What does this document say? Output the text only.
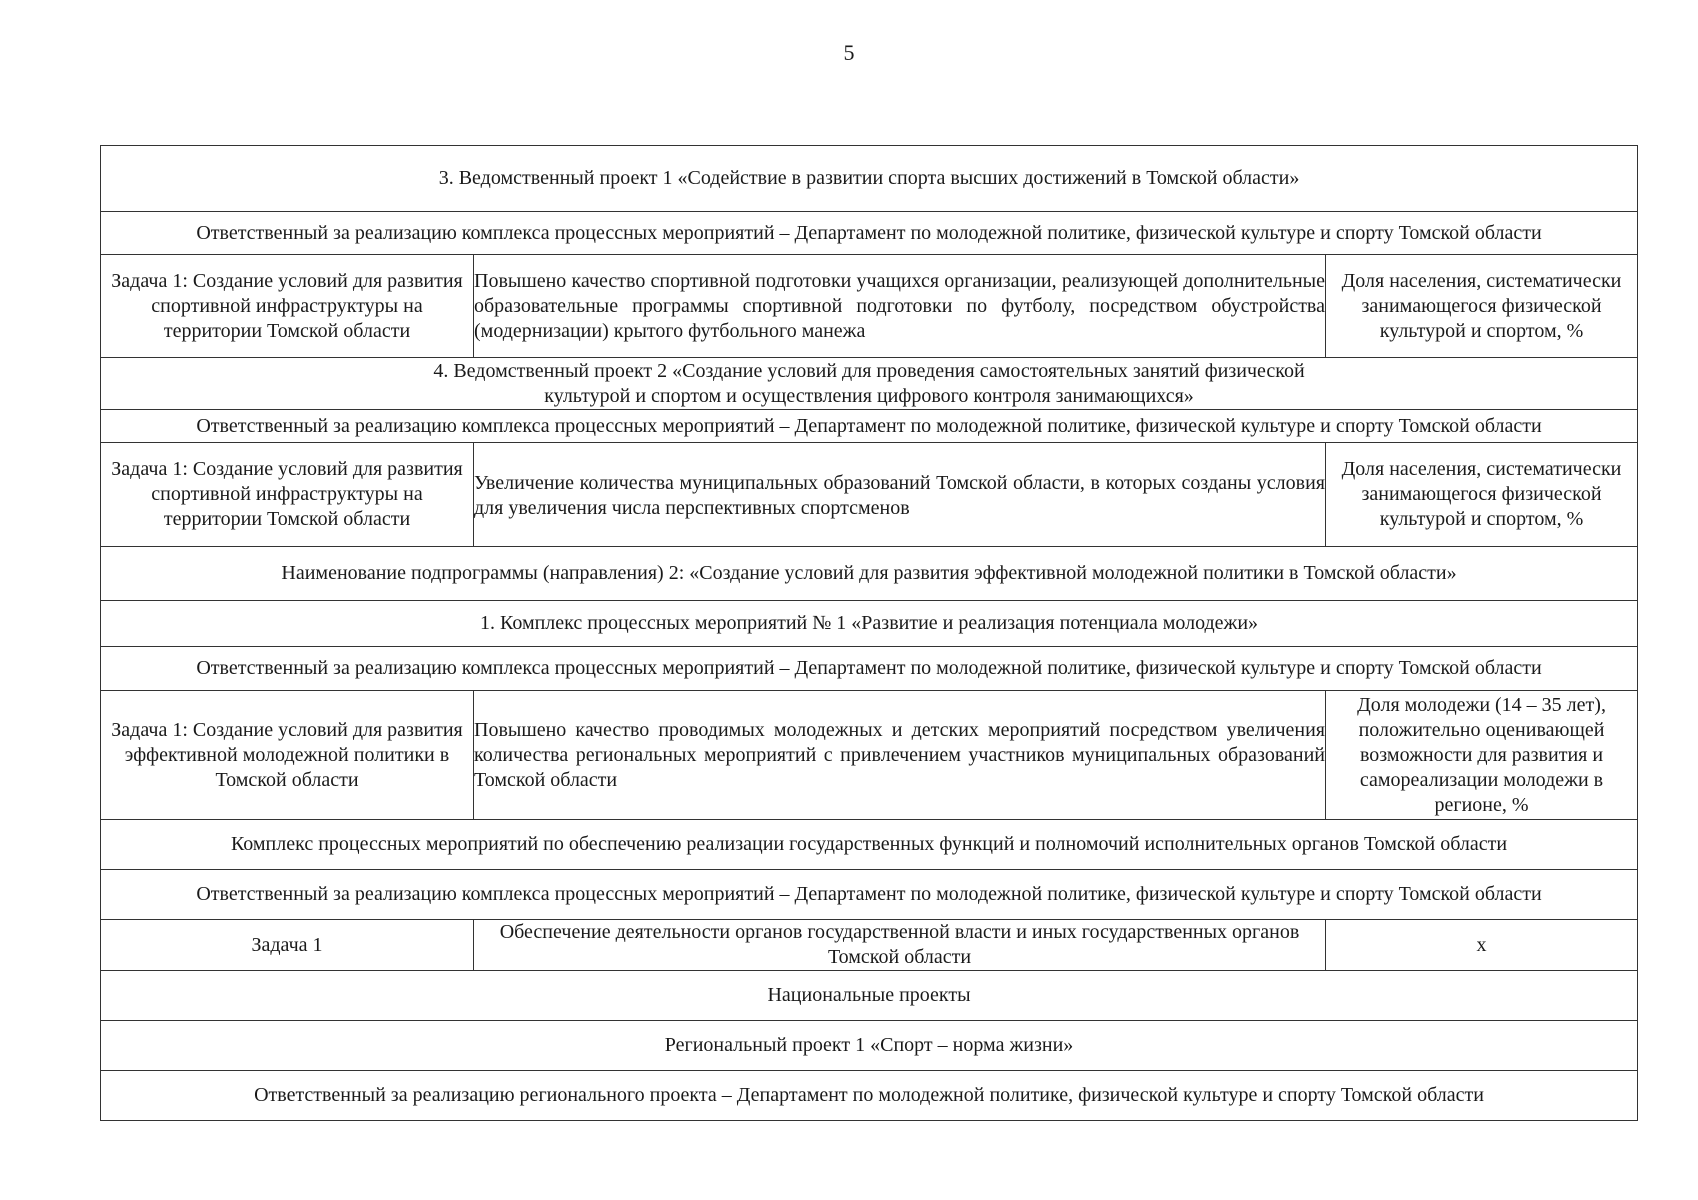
5
3. Ведомственный проект 1 «Содействие в развитии спорта высших достижений в Томской области»		
Ответственный за реализацию комплекса процессных мероприятий – Департамент по молодежной политике, физической культуре и спорту Томской области		
Задача 1: Создание условий для развития спортивной инфраструктуры на территории Томской области	Повышено качество спортивной подготовки учащихся организации, реализующей дополнительные образовательные программы спортивной подготовки по футболу, посредством обустройства (модернизации) крытого футбольного манежа	Доля населения, систематически занимающегося физической культурой и спортом, %
4. Ведомственный проект 2 «Создание условий для проведения самостоятельных занятий физической культурой и спортом и осуществления цифрового контроля занимающихся»		
Ответственный за реализацию комплекса процессных мероприятий – Департамент по молодежной политике, физической культуре и спорту Томской области		
Задача 1: Создание условий для развития спортивной инфраструктуры на территории Томской области	Увеличение количества муниципальных образований Томской области, в которых созданы условия для увеличения числа перспективных спортсменов	Доля населения, систематически занимающегося физической культурой и спортом, %
Наименование подпрограммы (направления) 2: «Создание условий для развития эффективной молодежной политики в Томской области»		
1. Комплекс процессных мероприятий № 1 «Развитие и реализация потенциала молодежи»		
Ответственный за реализацию комплекса процессных мероприятий – Департамент по молодежной политике, физической культуре и спорту Томской области		
Задача 1: Создание условий для развития эффективной молодежной политики в Томской области	Повышено качество проводимых молодежных и детских мероприятий посредством увеличения количества региональных мероприятий с привлечением участников муниципальных образований Томской области	Доля молодежи (14 – 35 лет), положительно оценивающей возможности для развития и самореализации молодежи в регионе, %
Комплекс процессных мероприятий по обеспечению реализации государственных функций и полномочий исполнительных органов Томской области		
Ответственный за реализацию комплекса процессных мероприятий – Департамент по молодежной политике, физической культуре и спорту Томской области		
Задача 1	Обеспечение деятельности органов государственной власти и иных государственных органов Томской области	x
Национальные проекты		
Региональный проект 1 «Спорт – норма жизни»		
Ответственный за реализацию регионального проекта – Департамент по молодежной политике, физической культуре и спорту Томской области		
